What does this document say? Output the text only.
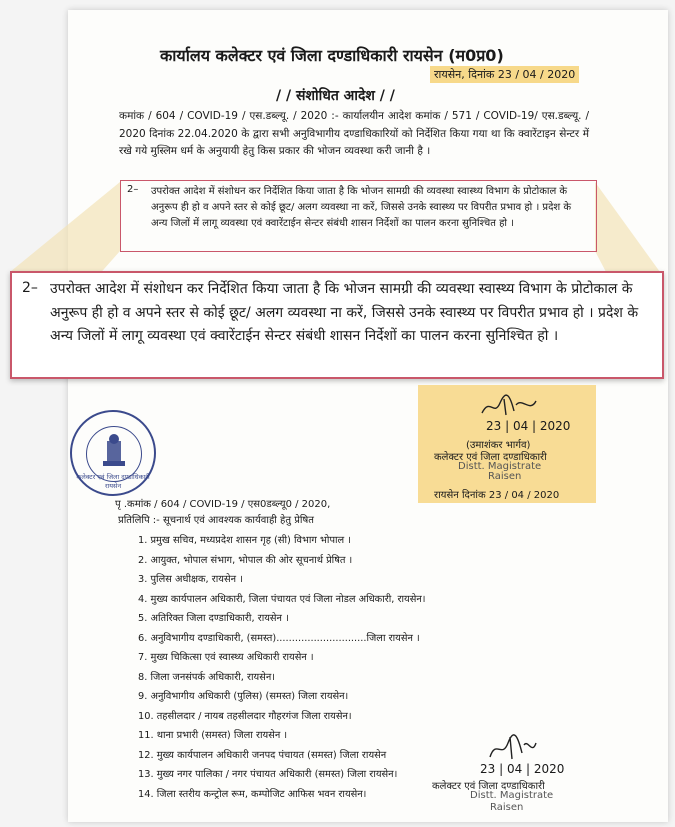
कार्यालय कलेक्टर एवं जिला दण्डाधिकारी रायसेन (म0प्र0)
रायसेन, दिनांक 23 / 04 / 2020
/ / संशोधित आदेश / /
कमांक / 604 / COVID-19 / एस.डब्ल्यू. / 2020 :- कार्यालयीन आदेश कमांक / 571 / COVID-19/ एस.डब्ल्यू. / 2020 दिनांक 22.04.2020 के द्वारा सभी अनुविभागीय दण्डाधिकारियों को निर्देशित किया गया था कि क्वारेंटाइन सेन्टर में रखे गये मुस्लिम धर्म के अनुयायी हेतु किस प्रकार की भोजन व्यवस्था करी जानी है ।
2– उपरोक्त आदेश में संशोधन कर निर्देशित किया जाता है कि भोजन सामग्री की व्यवस्था स्वास्थ्य विभाग के प्रोटोकाल के अनुरूप ही हो व अपने स्तर से कोई छूट/ अलग व्यवस्था ना करें, जिससे उनके स्वास्थ्य पर विपरीत प्रभाव हो । प्रदेश के अन्य जिलों में लागू व्यवस्था एवं क्वारेंटाईन सेन्टर संबंधी शासन निर्देशों का पालन करना सुनिश्चित हो ।
2– उपरोक्त आदेश में संशोधन कर निर्देशित किया जाता है कि भोजन सामग्री की व्यवस्था स्वास्थ्य विभाग के प्रोटोकाल के अनुरूप ही हो व अपने स्तर से कोई छूट/ अलग व्यवस्था ना करें, जिससे उनके स्वास्थ्य पर विपरीत प्रभाव हो । प्रदेश के अन्य जिलों में लागू व्यवस्था एवं क्वारेंटाईन सेन्टर संबंधी शासन निर्देशों का पालन करना सुनिश्चित हो ।
कलेक्टर एवं जिला दण्डाधिकारी रायसेन
23 | 04 | 2020
(उमाशंकर भार्गव)
कलेक्टर एवं जिला दण्डाधिकारी
Distt. Magistrate
Raisen
रायसेन दिनांक 23 / 04 / 2020
पृ .कमांक / 604 / COVID-19 / एस0डब्ल्यू0 / 2020,
प्रतिलिपि :- सूचनार्थ एवं आवश्यक कार्यवाही हेतु प्रेषित
1. प्रमुख सचिव, मध्यप्रदेश शासन गृह (सी) विभाग भोपाल ।
2. आयुक्त, भोपाल संभाग, भोपाल की ओर सूचनार्थ प्रेषित ।
3. पुलिस अधीक्षक, रायसेन ।
4. मुख्य कार्यपालन अधिकारी, जिला पंचायत एवं जिला नोडल अधिकारी, रायसेन।
5. अतिरिक्त जिला दण्डाधिकारी, रायसेन ।
6. अनुविभागीय दण्डाधिकारी, (समस्त).............................जिला रायसेन ।
7. मुख्य चिकित्सा एवं स्वास्थ्य अधिकारी रायसेन ।
8. जिला जनसंपर्क अधिकारी, रायसेन।
9. अनुविभागीय अधिकारी (पुलिस) (समस्त) जिला रायसेन।
10. तहसीलदार / नायब तहसीलदार गौहरगंज जिला रायसेन।
11. थाना प्रभारी (समस्त) जिला रायसेन ।
12. मुख्य कार्यपालन अधिकारी जनपद पंचायत (समस्त) जिला रायसेन
13. मुख्य नगर पालिका / नगर पंचायत अधिकारी (समस्त) जिला रायसेन।
14. जिला स्तरीय कन्ट्रोल रूम, कम्पोजिट आफिस भवन रायसेन।
23 | 04 | 2020
कलेक्टर एवं जिला दण्डाधिकारी
Distt. Magistrate
Raisen
